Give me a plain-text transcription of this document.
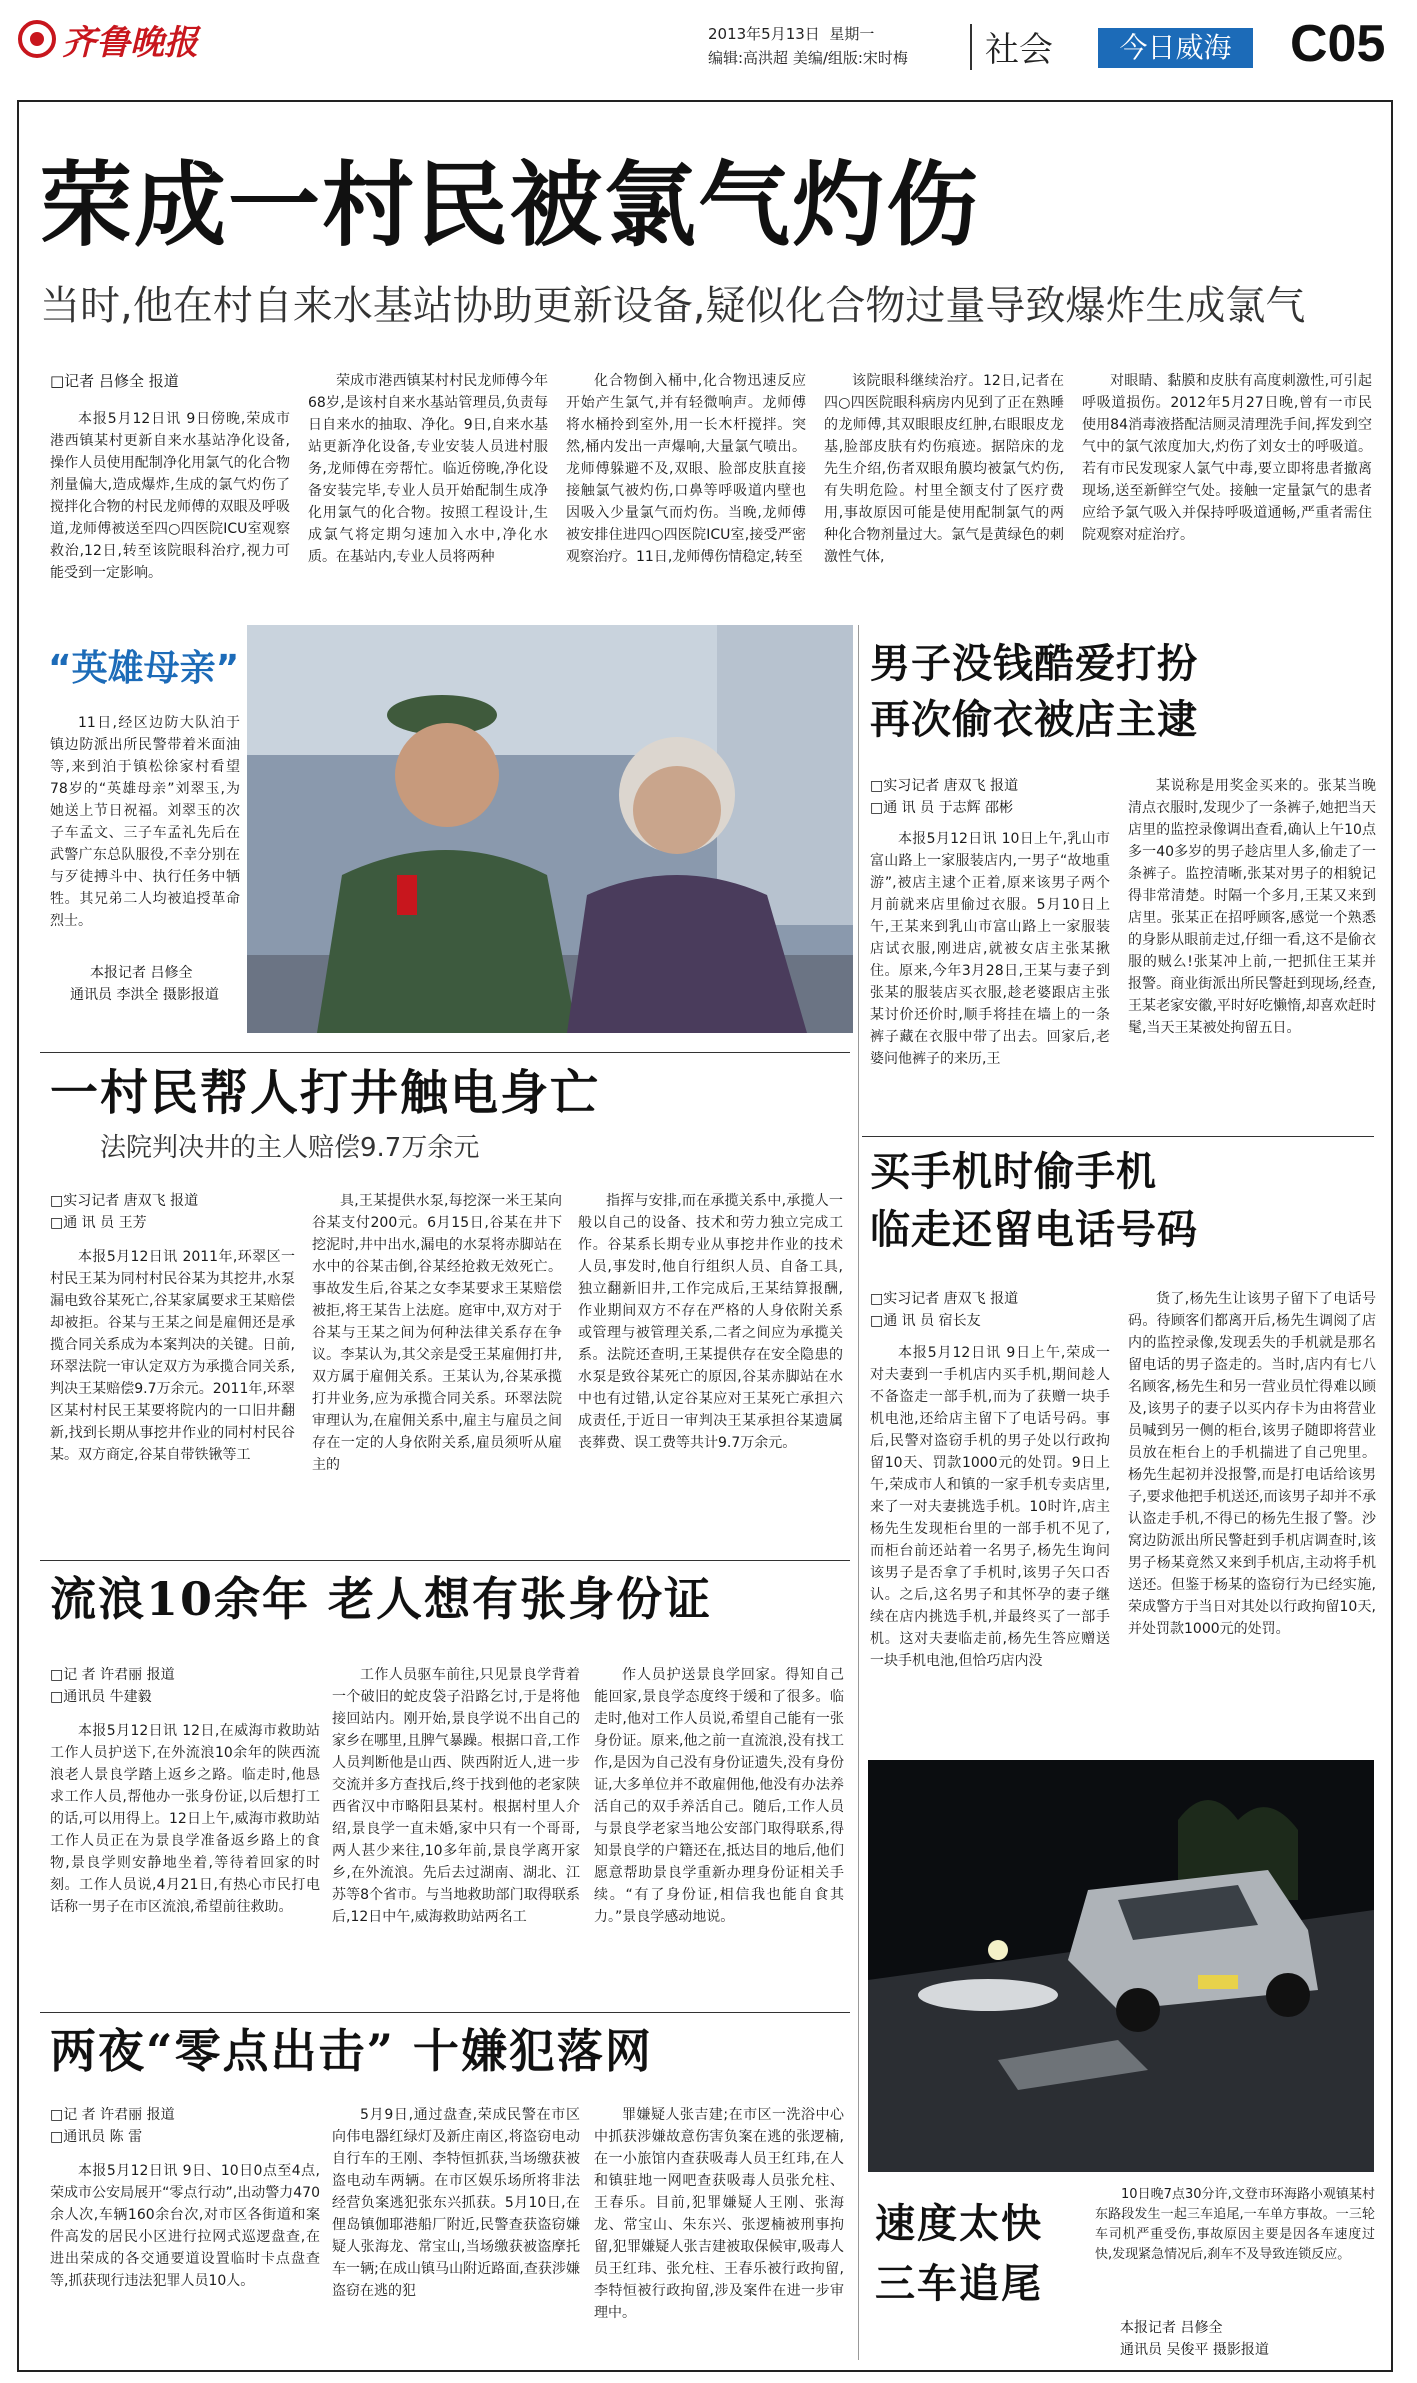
齐鲁晚报	2013年5月13日 星期一
编辑:高洪超 美编/组版:宋时梅 社会	今日威海	C05
荣成一村民被氯气灼伤
当时,他在村自来水基站协助更新设备,疑似化合物过量导致爆炸生成氯气
□记者 吕修全 报道

本报5月12日讯 9日傍晚,荣成市港西镇某村更新自来水基站净化设备,操作人员使用配制净化用氯气的化合物剂量偏大,造成爆炸,生成的氯气灼伤了搅拌化合物的村民龙师傅的双眼及呼吸道,龙师傅被送至四○四医院ICU室观察救治,12日,转至该院眼科治疗,视力可能受到一定影响。

荣成市港西镇某村村民龙师傅今年68岁,是该村自来水基站管理员,负责每日自来水的抽取、净化。9日,自来水基站更新净化设备,专业安装人员进村服务,龙师傅在旁帮忙。临近傍晚,净化设备安装完毕,专业人员开始配制生成净化用氯气的化合物。按照工程设计,生成氯气将定期匀速加入水中,净化水质。在基站内,专业人员将两种

化合物倒入桶中,化合物迅速反应开始产生氯气,并有轻微响声。龙师傅将水桶拎到室外,用一长木杆搅拌。突然,桶内发出一声爆响,大量氯气喷出。龙师傅躲避不及,双眼、脸部皮肤直接接触氯气被灼伤,口鼻等呼吸道内壁也因吸入少量氯气而灼伤。当晚,龙师傅被安排住进四○四医院ICU室,接受严密观察治疗。11日,龙师傅伤情稳定,转至

该院眼科继续治疗。12日,记者在四○四医院眼科病房内见到了正在熟睡的龙师傅,其双眼眼皮红肿,右眼眼皮龙基,脸部皮肤有灼伤痕迹。据陪床的龙先生介绍,伤者双眼角膜均被氯气灼伤,有失明危险。村里全额支付了医疗费用,事故原因可能是使用配制氯气的两种化合物剂量过大。氯气是黄绿色的刺激性气体,

对眼睛、黏膜和皮肤有高度刺激性,可引起呼吸道损伤。2012年5月27日晚,曾有一市民使用84消毒液搭配洁厕灵清理洗手间,挥发到空气中的氯气浓度加大,灼伤了刘女士的呼吸道。若有市民发现家人氯气中毒,要立即将患者撤离现场,送至新鲜空气处。接触一定量氯气的患者应给予氯气吸入并保持呼吸道通畅,严重者需住院观察对症治疗。

“英雄母亲”

11日,经区边防大队泊于镇边防派出所民警带着米面油等,来到泊于镇松徐家村看望78岁的“英雄母亲”刘翠玉,为她送上节日祝福。刘翠玉的次子车孟文、三子车孟礼先后在武警广东总队服役,不幸分别在与歹徒搏斗中、执行任务中牺牲。其兄弟二人均被追授革命烈士。

本报记者 吕修全
通讯员 李洪全 摄影报道
男子没钱酷爱打扮
再次偷衣被店主逮
□实习记者 唐双飞 报道
□通 讯 员 于志辉 邵彬

本报5月12日讯 10日上午,乳山市富山路上一家服装店内,一男子“故地重游”,被店主逮个正着,原来该男子两个月前就来店里偷过衣服。5月10日上午,王某来到乳山市富山路上一家服装店试衣服,刚进店,就被女店主张某揪住。原来,今年3月28日,王某与妻子到张某的服装店买衣服,趁老婆跟店主张某讨价还价时,顺手将挂在墙上的一条裤子藏在衣服中带了出去。回家后,老婆问他裤子的来历,王

某说称是用奖金买来的。张某当晚清点衣服时,发现少了一条裤子,她把当天店里的监控录像调出查看,确认上午10点多一40多岁的男子趁店里人多,偷走了一条裤子。监控清晰,张某对男子的相貌记得非常清楚。时隔一个多月,王某又来到店里。张某正在招呼顾客,感觉一个熟悉的身影从眼前走过,仔细一看,这不是偷衣服的贼么!张某冲上前,一把抓住王某并报警。商业街派出所民警赶到现场,经查,王某老家安徽,平时好吃懒惰,却喜欢赶时髦,当天王某被处拘留五日。

一村民帮人打井触电身亡
法院判决井的主人赔偿9.7万余元
□实习记者 唐双飞 报道
□通 讯 员 王芳

本报5月12日讯 2011年,环翠区一村民王某为同村村民谷某为其挖井,水泵漏电致谷某死亡,谷某家属要求王某赔偿却被拒。谷某与王某之间是雇佣还是承揽合同关系成为本案判决的关键。日前,环翠法院一审认定双方为承揽合同关系,判决王某赔偿9.7万余元。2011年,环翠区某村村民王某要将院内的一口旧井翻新,找到长期从事挖井作业的同村村民谷某。双方商定,谷某自带铁锹等工

具,王某提供水泵,每挖深一米王某向谷某支付200元。6月15日,谷某在井下挖泥时,井中出水,漏电的水泵将赤脚站在水中的谷某击倒,谷某经抢救无效死亡。事故发生后,谷某之女李某要求王某赔偿被拒,将王某告上法庭。庭审中,双方对于谷某与王某之间为何种法律关系存在争议。李某认为,其父亲是受王某雇佣打井,双方属于雇佣关系。王某认为,谷某承揽打井业务,应为承揽合同关系。环翠法院审理认为,在雇佣关系中,雇主与雇员之间存在一定的人身依附关系,雇员须听从雇主的

指挥与安排,而在承揽关系中,承揽人一般以自己的设备、技术和劳力独立完成工作。谷某系长期专业从事挖井作业的技术人员,事发时,他自行组织人员、自备工具,独立翻新旧井,工作完成后,王某结算报酬,作业期间双方不存在严格的人身依附关系或管理与被管理关系,二者之间应为承揽关系。法院还查明,王某提供存在安全隐患的水泵是致谷某死亡的原因,谷某赤脚站在水中也有过错,认定谷某应对王某死亡承担六成责任,于近日一审判决王某承担谷某遗属丧葬费、误工费等共计9.7万余元。

买手机时偷手机
临走还留电话号码
□实习记者 唐双飞 报道
□通 讯 员 宿长友

本报5月12日讯 9日上午,荣成一对夫妻到一手机店内买手机,期间趁人不备盗走一部手机,而为了获赠一块手机电池,还给店主留下了电话号码。事后,民警对盗窃手机的男子处以行政拘留10天、罚款1000元的处罚。9日上午,荣成市人和镇的一家手机专卖店里,来了一对夫妻挑选手机。10时许,店主杨先生发现柜台里的一部手机不见了,而柜台前还站着一名男子,杨先生询问该男子是否拿了手机时,该男子矢口否认。之后,这名男子和其怀孕的妻子继续在店内挑选手机,并最终买了一部手机。这对夫妻临走前,杨先生答应赠送一块手机电池,但恰巧店内没

货了,杨先生让该男子留下了电话号码。待顾客们都离开后,杨先生调阅了店内的监控录像,发现丢失的手机就是那名留电话的男子盗走的。当时,店内有七八名顾客,杨先生和另一营业员忙得难以顾及,该男子的妻子以买内存卡为由将营业员喊到另一侧的柜台,该男子随即将营业员放在柜台上的手机揣进了自己兜里。杨先生起初并没报警,而是打电话给该男子,要求他把手机送还,而该男子却并不承认盗走手机,不得已的杨先生报了警。沙窝边防派出所民警赶到手机店调查时,该男子杨某竟然又来到手机店,主动将手机送还。但鉴于杨某的盗窃行为已经实施,荣成警方于当日对其处以行政拘留10天,并处罚款1000元的处罚。

流浪10余年 老人想有张身份证
□记 者 许君丽 报道
□通讯员 牛建毅

本报5月12日讯 12日,在威海市救助站工作人员护送下,在外流浪10余年的陕西流浪老人景良学踏上返乡之路。临走时,他恳求工作人员,帮他办一张身份证,以后想打工的话,可以用得上。12日上午,威海市救助站工作人员正在为景良学准备返乡路上的食物,景良学则安静地坐着,等待着回家的时刻。工作人员说,4月21日,有热心市民打电话称一男子在市区流浪,希望前往救助。

工作人员驱车前往,只见景良学背着一个破旧的蛇皮袋子沿路乞讨,于是将他接回站内。刚开始,景良学说不出自己的家乡在哪里,且脾气暴躁。根据口音,工作人员判断他是山西、陕西附近人,进一步交流并多方查找后,终于找到他的老家陕西省汉中市略阳县某村。根据村里人介绍,景良学一直未婚,家中只有一个哥哥,两人甚少来往,10多年前,景良学离开家乡,在外流浪。先后去过湖南、湖北、江苏等8个省市。与当地救助部门取得联系后,12日中午,威海救助站两名工

作人员护送景良学回家。得知自己能回家,景良学态度终于缓和了很多。临走时,他对工作人员说,希望自己能有一张身份证。原来,他之前一直流浪,没有找工作,是因为自己没有身份证遗失,没有身份证,大多单位并不敢雇佣他,他没有办法养活自己的双手养活自己。随后,工作人员与景良学老家当地公安部门取得联系,得知景良学的户籍还在,抵达目的地后,他们愿意帮助景良学重新办理身份证相关手续。“有了身份证,相信我也能自食其力。”景良学感动地说。

两夜“零点出击” 十嫌犯落网
□记 者 许君丽 报道
□通讯员 陈 雷

本报5月12日讯 9日、10日0点至4点,荣成市公安局展开“零点行动”,出动警力470余人次,车辆160余台次,对市区各街道和案件高发的居民小区进行拉网式巡逻盘查,在进出荣成的各交通要道设置临时卡点盘查等,抓获现行违法犯罪人员10人。

5月9日,通过盘查,荣成民警在市区向伟电器红绿灯及新庄南区,将盗窃电动自行车的王刚、李特恒抓获,当场缴获被盗电动车两辆。在市区娱乐场所将非法经营负案逃犯张东兴抓获。5月10日,在俚岛镇伽耶港船厂附近,民警查获盗窃嫌疑人张海龙、常宝山,当场缴获被盗摩托车一辆;在成山镇马山附近路面,查获涉嫌盗窃在逃的犯

罪嫌疑人张吉建;在市区一洗浴中心中抓获涉嫌故意伤害负案在逃的张逻楠,在一小旅馆内查获吸毒人员王红玮,在人和镇驻地一网吧查获吸毒人员张允柱、王春乐。目前,犯罪嫌疑人王刚、张海龙、常宝山、朱东兴、张逻楠被刑事拘留,犯罪嫌疑人张吉建被取保候审,吸毒人员王红玮、张允柱、王春乐被行政拘留,李特恒被行政拘留,涉及案件在进一步审理中。

速度太快
三车追尾

10日晚7点30分许,文登市环海路小观镇某村东路段发生一起三车追尾,一车单方事故。一三轮车司机严重受伤,事故原因主要是因各车速度过快,发现紧急情况后,刹车不及导致连锁反应。

本报记者 吕修全
通讯员 吴俊平 摄影报道
